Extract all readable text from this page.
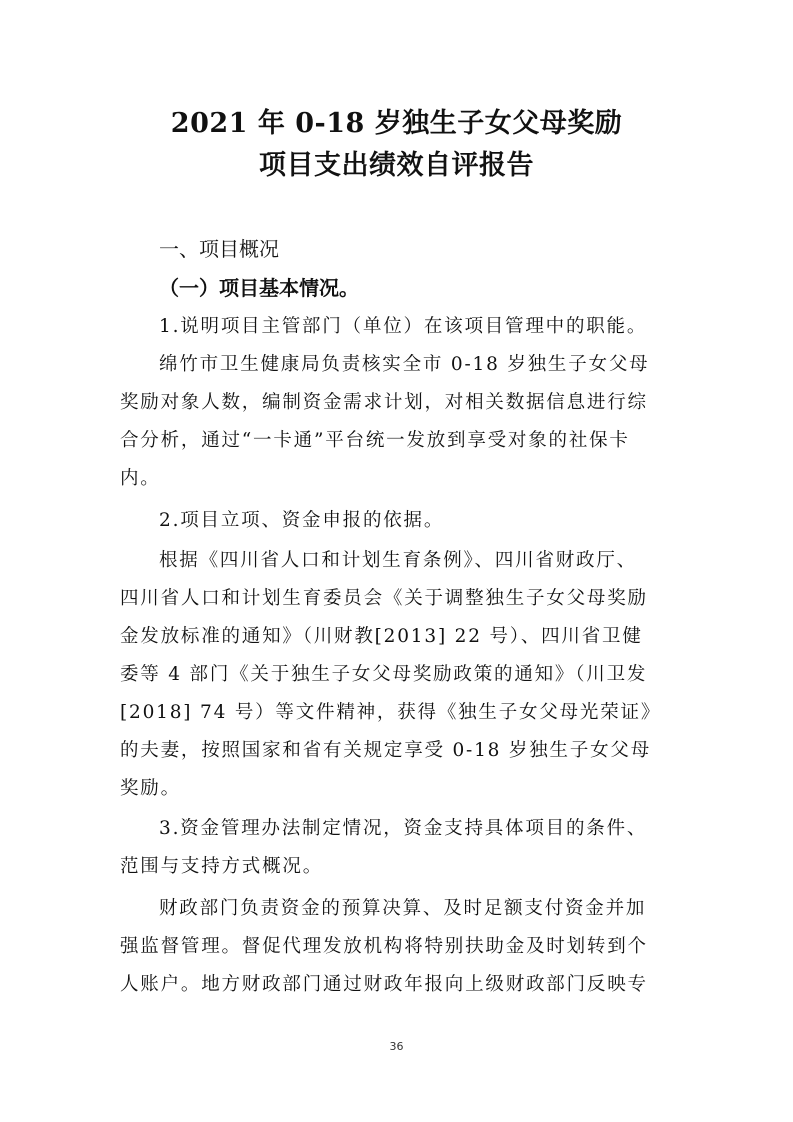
2021 年 0-18 岁独生子女父母奖励
项目支出绩效自评报告
一、项目概况
（一）项目基本情况。
1.说明项目主管部门（单位）在该项目管理中的职能。
绵竹市卫生健康局负责核实全市 0-18 岁独生子女父母
奖励对象人数，编制资金需求计划，对相关数据信息进行综
合分析，通过“一卡通”平台统一发放到享受对象的社保卡
内。
2.项目立项、资金申报的依据。
根据《四川省人口和计划生育条例》、四川省财政厅、
四川省人口和计划生育委员会《关于调整独生子女父母奖励
金发放标准的通知》（川财教[2013] 22 号）、四川省卫健
委等 4 部门《关于独生子女父母奖励政策的通知》（川卫发
[2018] 74 号）等文件精神，获得《独生子女父母光荣证》
的夫妻，按照国家和省有关规定享受 0-18 岁独生子女父母
奖励。
3.资金管理办法制定情况，资金支持具体项目的条件、
范围与支持方式概况。
财政部门负责资金的预算决算、及时足额支付资金并加
强监督管理。督促代理发放机构将特别扶助金及时划转到个
人账户。地方财政部门通过财政年报向上级财政部门反映专
36
